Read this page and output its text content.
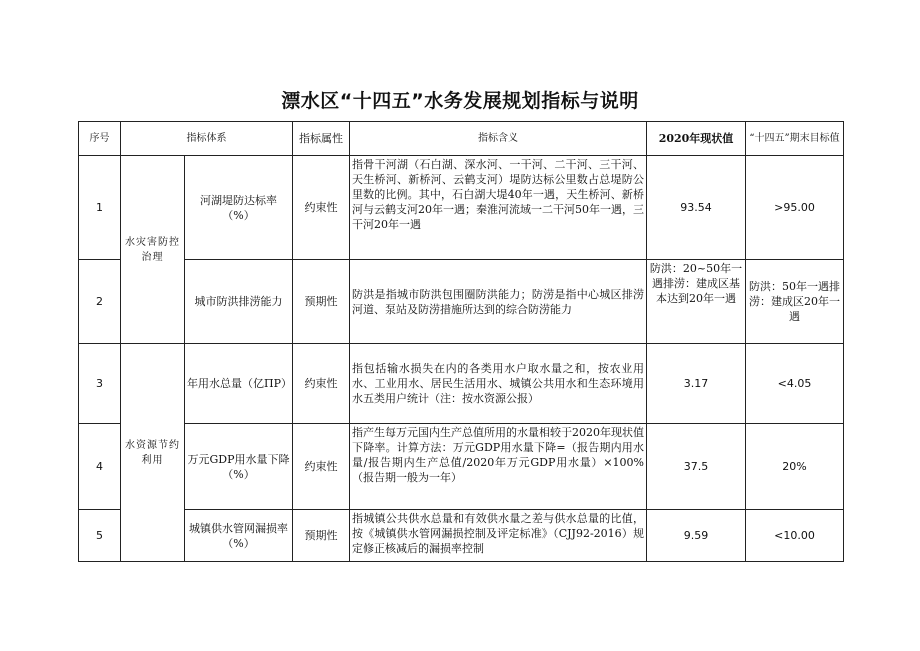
漂水区“十四五”水务发展规划指标与说明
序号	指标体系		指标属性	指标含义	2020年现状值	“十四五”期末目标值
1	水灾害防控治理	河湖堤防达标率（%）	约束性	指骨干河湖（石白湖、深水河、一干河、二干河、三干河、天生桥河、新桥河、云鹤支河）堤防达标公里数占总堤防公里数的比例。其中，石白湖大堤40年一遇，天生桥河、新桥河与云鹤支河20年一遇；秦淮河流域一二干河50年一遇，三干河20年一遇	93.54	>95.00
2		城市防洪排涝能力	预期性	防洪是指城市防洪包围圈防洪能力；防涝是指中心城区排涝河道、泵站及防涝措施所达到的综合防涝能力	防洪：20~50年一遇排涝：建成区基本达到20年一遇	防洪：50年一遇排涝：建成区20年一遇
3	水资源节约利用	年用水总量（亿ΠP）	约束性	指包括输水损失在内的各类用水户取水量之和，按农业用水、工业用水、居民生活用水、城镇公共用水和生态环境用水五类用户统计（注：按水资源公报）	3.17	<4.05
4		万元GDP用水量下降（%）	约束性	指产生每万元国内生产总值所用的水量相较于2020年现状值下降率。计算方法：万元GDP用水量下降=（报告期内用水量/报告期内生产总值/2020年万元GDP用水量）×100%（报告期一般为一年）	37.5	20%
5		城镇供水管网漏损率（%）	预期性	指城镇公共供水总量和有效供水量之差与供水总量的比值，按《城镇供水管网漏损控制及评定标准》（CJJ92-2016）规定修正核减后的漏损率控制	9.59	<10.00
